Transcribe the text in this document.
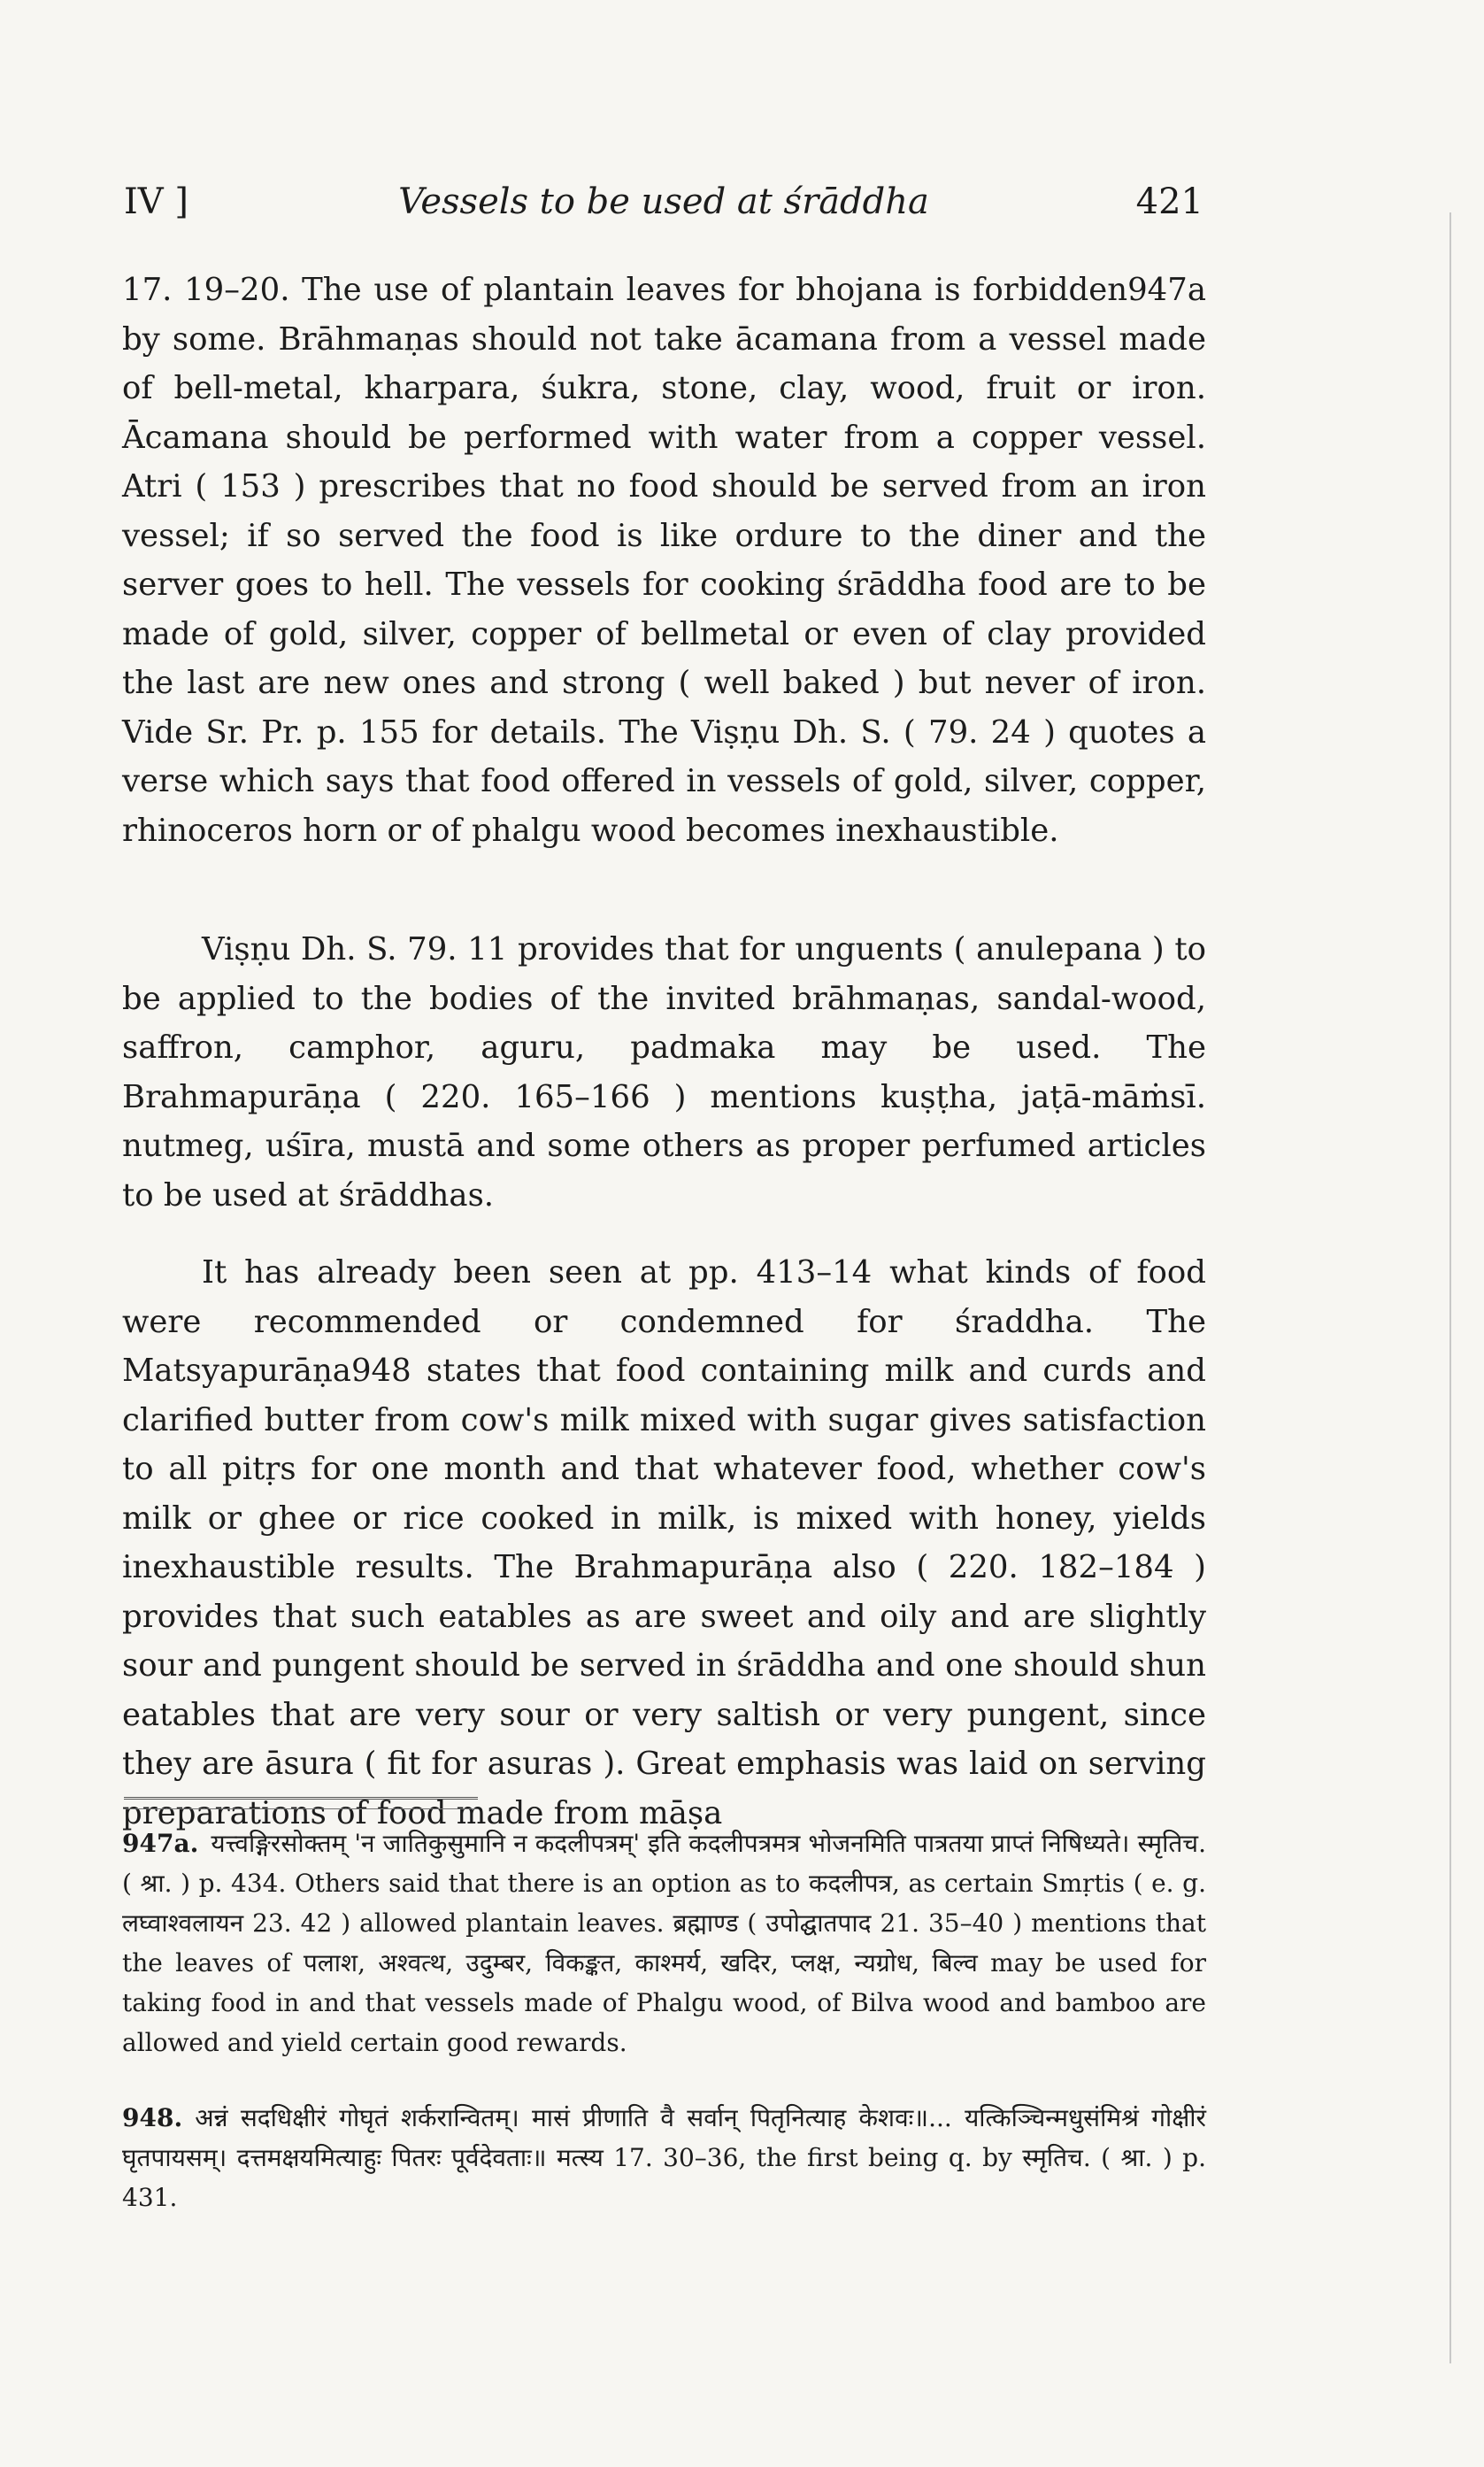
IV ]	Vessels to be used at śrāddha	421

17. 19–20. The use of plantain leaves for bhojana is forbidden947a by some. Brāhmaṇas should not take ācamana from a vessel made of bell-metal, kharpara, śukra, stone, clay, wood, fruit or iron. Ācamana should be performed with water from a copper vessel. Atri ( 153 ) prescribes that no food should be served from an iron vessel; if so served the food is like ordure to the diner and the server goes to hell. The vessels for cooking śrāddha food are to be made of gold, silver, copper of bellmetal or even of clay provided the last are new ones and strong ( well baked ) but never of iron. Vide Sr. Pr. p. 155 for details. The Viṣṇu Dh. S. ( 79. 24 ) quotes a verse which says that food offered in vessels of gold, silver, copper, rhinoceros horn or of phalgu wood becomes inexhaustible.

Viṣṇu Dh. S. 79. 11 provides that for unguents ( anulepana ) to be applied to the bodies of the invited brāhmaṇas, sandal-wood, saffron, camphor, aguru, padmaka may be used. The Brahmapurāṇa ( 220. 165–166 ) mentions kuṣṭha, jaṭā-māṁsī. nutmeg, uśīra, mustā and some others as proper perfumed articles to be used at śrāddhas.

It has already been seen at pp. 413–14 what kinds of food were recommended or condemned for śraddha. The Matsyapurāṇa948 states that food containing milk and curds and clarified butter from cow's milk mixed with sugar gives satisfaction to all pitṛs for one month and that whatever food, whether cow's milk or ghee or rice cooked in milk, is mixed with honey, yields inexhaustible results. The Brahmapurāṇa also ( 220. 182–184 ) provides that such eatables as are sweet and oily and are slightly sour and pungent should be served in śrāddha and one should shun eatables that are very sour or very saltish or very pungent, since they are āsura ( fit for asuras ). Great emphasis was laid on serving preparations of food made from māṣa

947a. यत्त्वङ्गिरसोक्तम् 'न जातिकुसुमानि न कदलीपत्रम्' इति कदलीपत्रमत्र भोजनमिति पात्रतया प्राप्तं निषिध्यते। स्मृतिच. ( श्रा. ) p. 434. Others said that there is an option as to कदलीपत्र, as certain Smṛtis ( e. g. लघ्वाश्वलायन 23. 42 ) allowed plantain leaves. ब्रह्माण्ड ( उपोद्घातपाद 21. 35–40 ) mentions that the leaves of पलाश, अश्वत्थ, उदुम्बर, विकङ्कत, काश्मर्य, खदिर, प्लक्ष, न्यग्रोध, बिल्व may be used for taking food in and that vessels made of Phalgu wood, of Bilva wood and bamboo are allowed and yield certain good rewards.

948. अन्नं सदधिक्षीरं गोघृतं शर्करान्वितम्। मासं प्रीणाति वै सर्वान् पितृनित्याह केशवः॥... यत्किञ्चिन्मधुसंमिश्रं गोक्षीरं घृतपायसम्। दत्तमक्षयमित्याहुः पितरः पूर्वदेवताः॥ मत्स्य 17. 30–36, the first being q. by स्मृतिच. ( श्रा. ) p. 431.
